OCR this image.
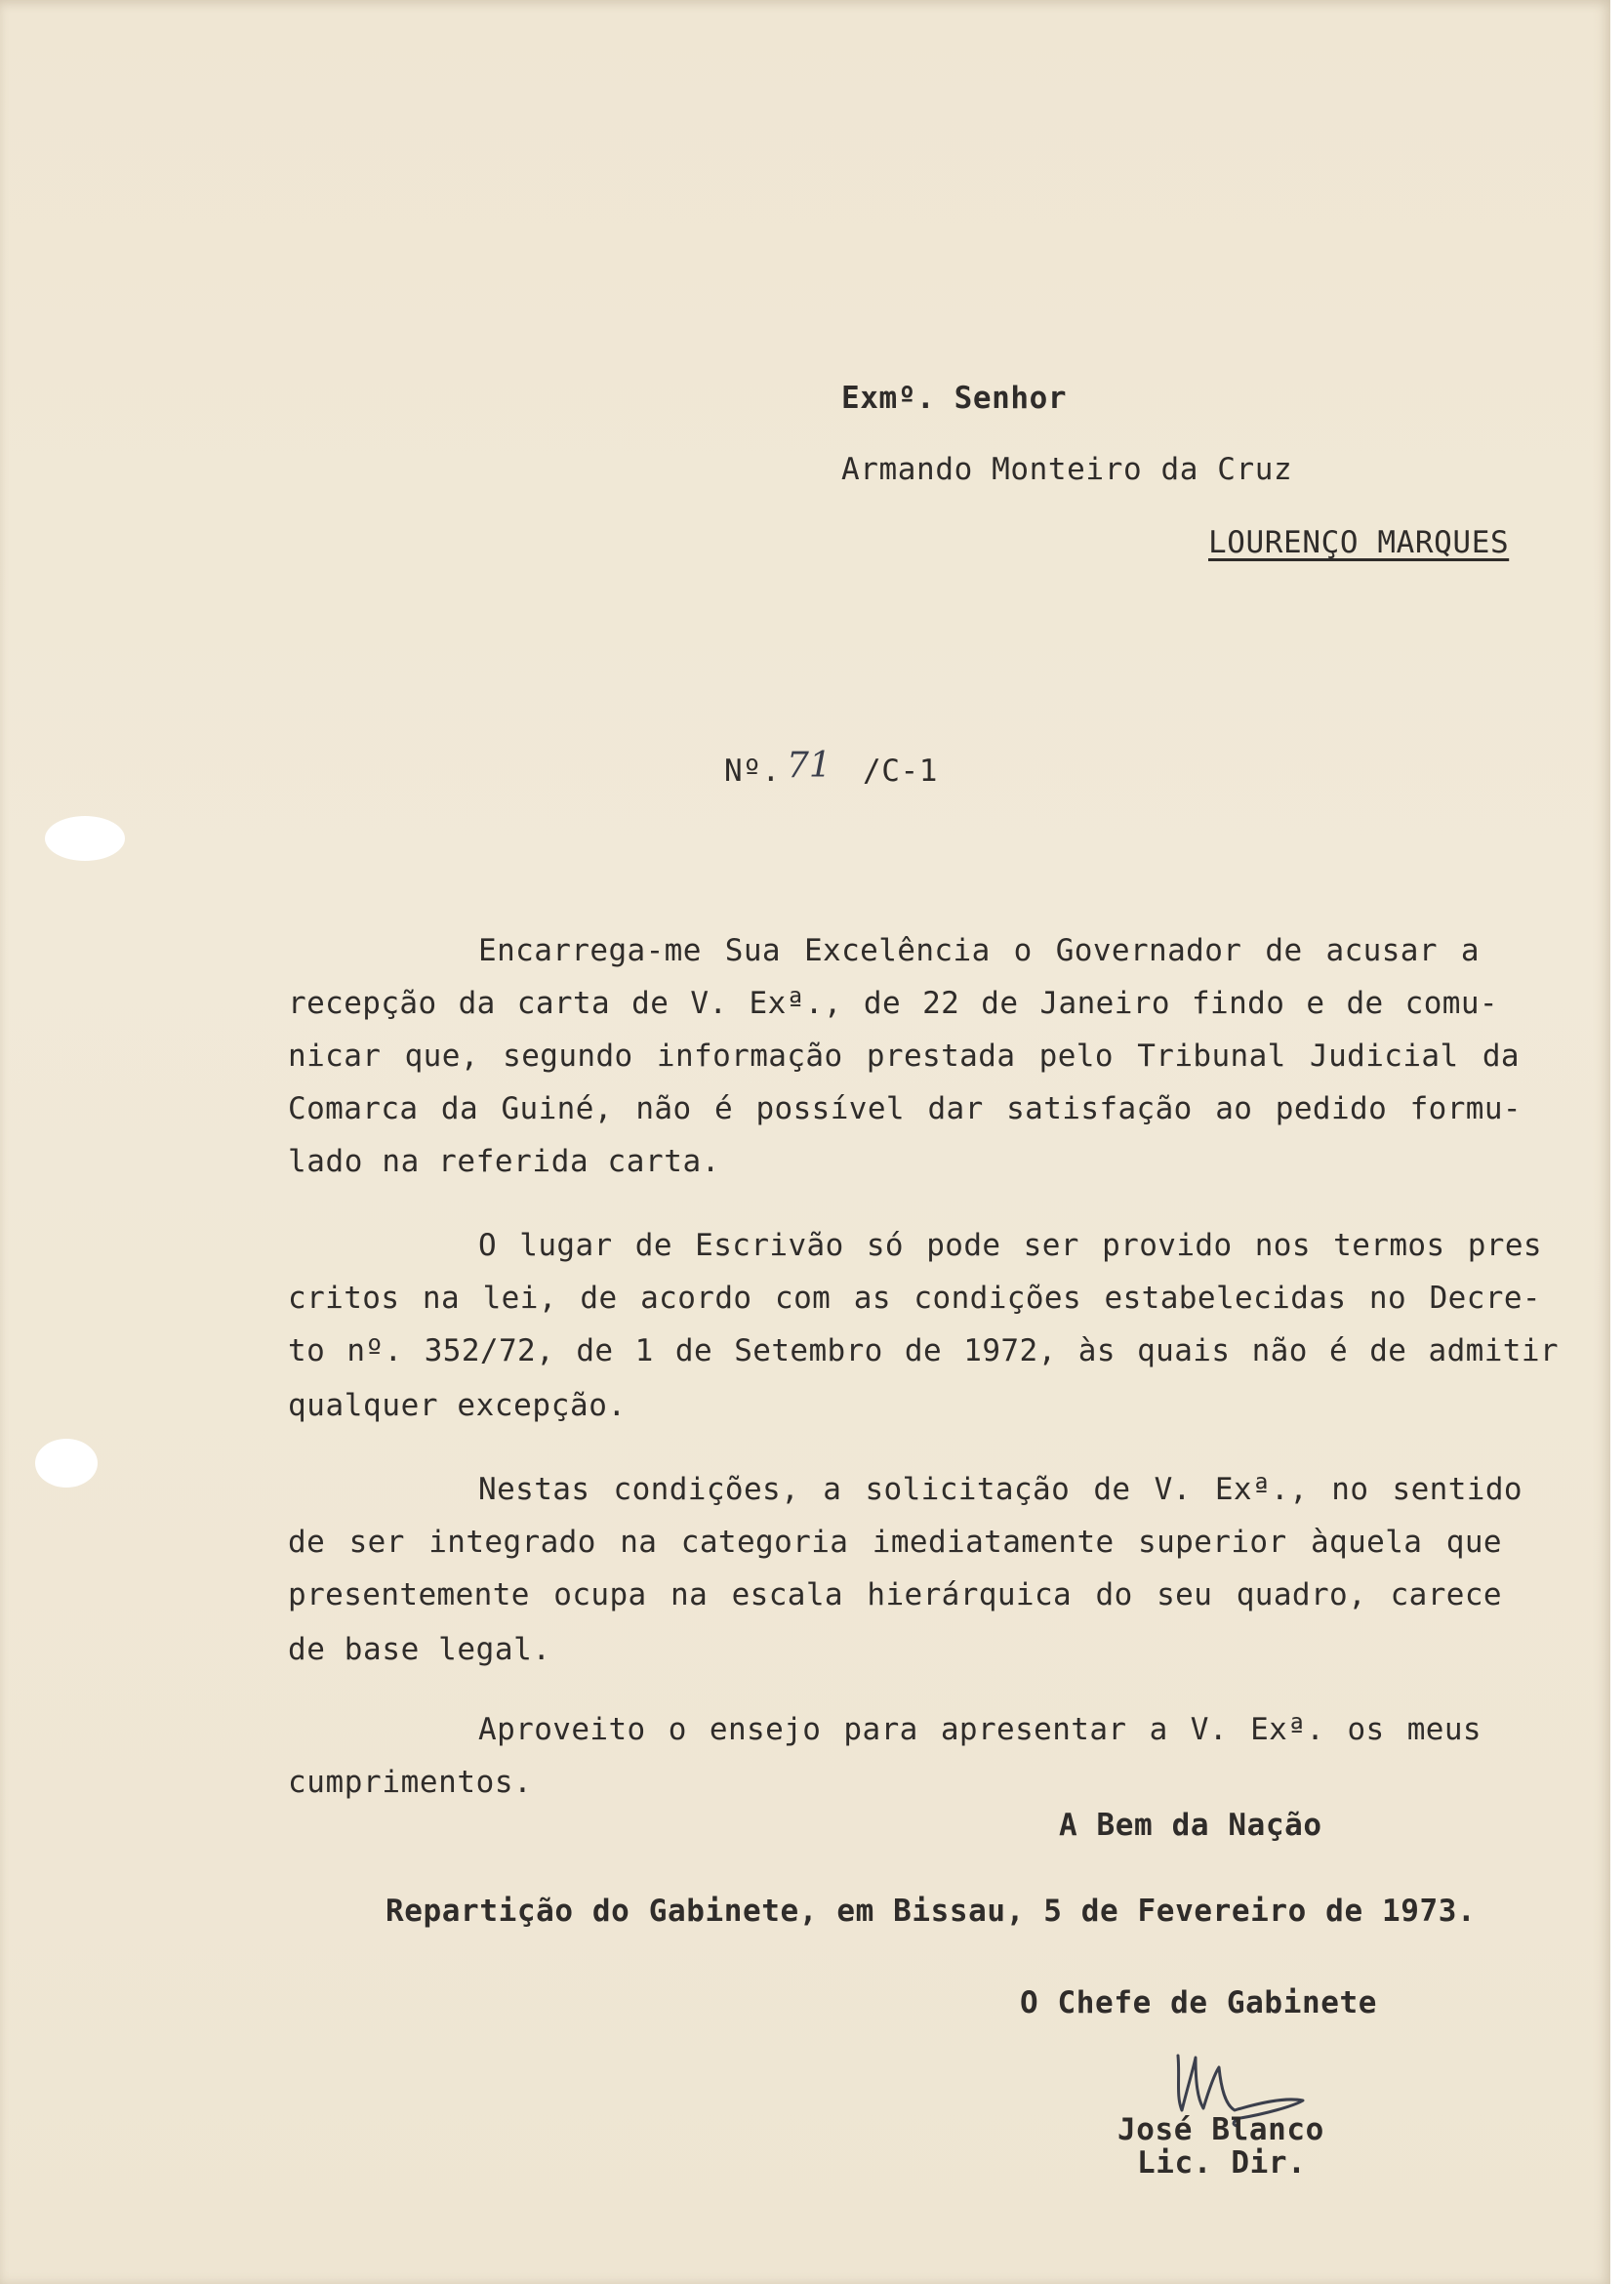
Exmº. Senhor
Armando Monteiro da Cruz
LOURENÇO MARQUES
Nº. 71 /C-1
Encarrega-me Sua Excelência o Governador de acusar a
recepção da carta de V. Exª., de 22 de Janeiro findo e de comu-
nicar que, segundo informação prestada pelo Tribunal Judicial da
Comarca da Guiné, não é possível dar satisfação ao pedido formu-
lado na referida carta.
O lugar de Escrivão só pode ser provido nos termos pres
critos na lei, de acordo com as condições estabelecidas no Decre-
to nº. 352/72, de 1 de Setembro de 1972, às quais não é de admitir
qualquer excepção.
Nestas condições, a solicitação de V. Exª., no sentido
de ser integrado na categoria imediatamente superior àquela que
presentemente ocupa na escala hierárquica do seu quadro, carece
de base legal.
Aproveito o ensejo para apresentar a V. Exª. os meus
cumprimentos.
A Bem da Nação
Repartição do Gabinete, em Bissau, 5 de Fevereiro de 1973.
O Chefe de Gabinete
José Blanco
Lic. Dir.
